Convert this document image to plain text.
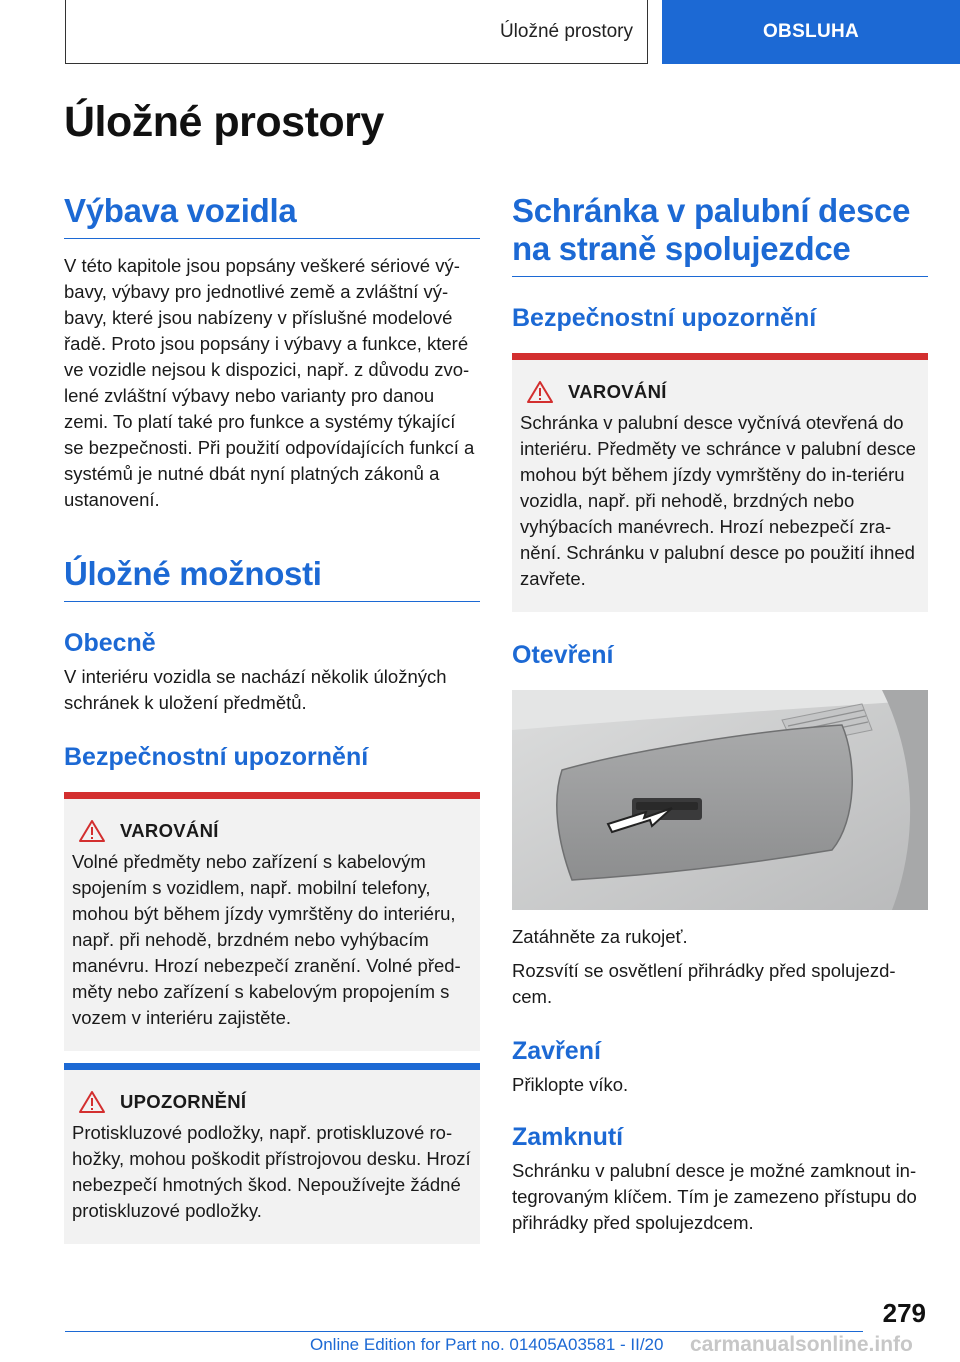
Úložné prostory	OBSLUHA
Úložné prostory
Výbava vozidla

V této kapitole jsou popsány veškeré sériové vý-bavy, výbavy pro jednotlivé země a zvláštní vý-bavy, které jsou nabízeny v příslušné modelové řadě. Proto jsou popsány i výbavy a funkce, které ve vozidle nejsou k dispozici, např. z důvodu zvo-lené zvláštní výbavy nebo varianty pro danou zemi. To platí také pro funkce a systémy týkající se bezpečnosti. Při použití odpovídajících funkcí a systémů je nutné dbát nyní platných zákonů a ustanovení.

Úložné možnosti
Obecně

V interiéru vozidla se nachází několik úložných schránek k uložení předmětů.

Bezpečnostní upozornění
VAROVÁNÍ

Volné předměty nebo zařízení s kabelovým spojením s vozidlem, např. mobilní telefony, mohou být během jízdy vymrštěny do interiéru, např. při nehodě, brzdném nebo vyhýbacím manévru. Hrozí nebezpečí zranění. Volné před-měty nebo zařízení s kabelovým propojením s vozem v interiéru zajistěte.

UPOZORNĚNÍ

Protiskluzové podložky, např. protiskluzové ro-hožky, mohou poškodit přístrojovou desku. Hrozí nebezpečí hmotných škod. Nepoužívejte žádné protiskluzové podložky.

Schránka v palubní desce na straně spolujezdce
Bezpečnostní upozornění
VAROVÁNÍ

Schránka v palubní desce vyčnívá otevřená do interiéru. Předměty ve schránce v palubní desce mohou být během jízdy vymrštěny do in-teriéru vozidla, např. při nehodě, brzdných nebo vyhýbacích manévrech. Hrozí nebezpečí zra-nění. Schránku v palubní desce po použití ihned zavřete.

Otevření

Zatáhněte za rukojeť.

Rozsvítí se osvětlení přihrádky před spolujezd-cem.

Zavření

Přiklopte víko.

Zamknutí

Schránku v palubní desce je možné zamknout in-tegrovaným klíčem. Tím je zamezeno přístupu do přihrádky před spolujezdcem.

279
Online Edition for Part no. 01405A03581 - II/20 carmanualsonline.info
